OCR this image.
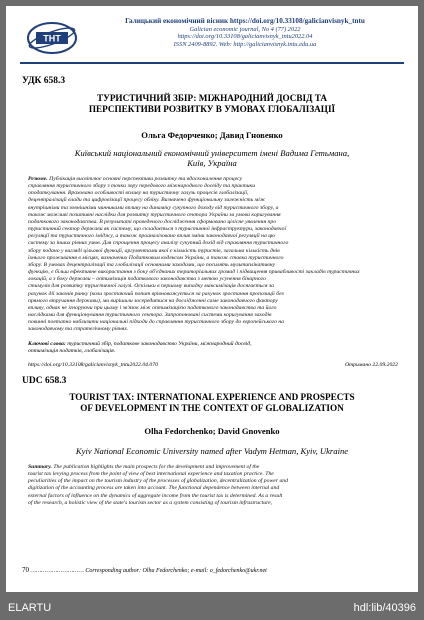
ТНТ
Галицький економічний вісник https://doi.org/10.33108/galicianvisnyk_tntu
Galician economic journal, No 4 (77) 2022
https://doi.org/10.33108/galicianvisnyk_tntu2022.04
ISSN 2409-8892. Web: http://galicianvisnyk.tntu.edu.ua
УДК 658.3
ТУРИСТИЧНИЙ ЗБІР: МІЖНАРОДНИЙ ДОСВІД ТА
ПЕРСПЕКТИВИ РОЗВИТКУ В УМОВАХ ГЛОБАЛІЗАЦІЇ
Ольга Федорченко; Давид Гновенко
Київський національний економічний університет імені Вадима Гетьмана,
Київ, Україна
Резюме. Публікація висвітлює основні перспективи розвитку та вдосконалення процесу
справляння туристичного збору з точки зору передового міжнародного досвіду та практики
оподаткування. Враховано особливості впливу на туристичну галузь процесів глобалізації,
децентралізації влади та цифровізації процесу обліку. Визначено функціональну залежність між
внутрішніми та зовнішніми чинниками впливу на динаміку сукупного доходу від туристичного збору, а
також можливі позитивні наслідки для розвитку туристичного сектора України за умови коригування
податкового законодавства. В результаті проведеного дослідження сформовано цілісне уявлення про
туристичний сектор держави як систему, що складається з туристичної інфраструктури, законодавчої
регуляції та туристичного іміджу, а також проаналізовано вплив зміни законодавчої регуляції на цю
систему за інших рівних умов. Для спрощення процесу аналізу сукупний дохід від справляння туристичного
збору подано у вигляді цільової функції, аргументами якої є кількість туристів, загальна кількість днів
їхнього проживання в місцях, визначених Податковим кодексом України, а також ставка туристичного
збору. В умовах децентралізації та глобалізації основними заходами, що посилять мультиплікативну
функцію, є більш ефективне використання з боку об'єднаних територіальних громад і підвищення привабливості закладів туристичних
локацій, а з боку держави – оптимізація податкового законодавства з метою усунення бінарного
стимулів для розвитку туристичної галузі. Оскільки в першому випадку максимізація досягається за
рахунок дії законів ринку (коли зростаючий попит врівноважується за рахунок зростання пропозиції без
прямого втручання держави), ми вирішили зосередитися на дослідженні саме законодавчого фактору
впливу, однак не ігноруючи при цьому і зв'язок між оптимізацією податкового законодавства та його
наслідками для функціонування туристичного сектора. Запропоновані системи коригування заходів
повинні поетапно наблизити національні підходи до справляння туристичного збору до європейського на
законодавчому та стратегічному рівнях.
Ключові слова: туристичний збір, податкове законодавство України, міжнародний досвід,
оптимізація податків, глобалізація.
https://doi.org/10.33108/galicianvisnyk_tntu2022.04.070	Отримано 22.09.2022
UDC 658.3
TOURIST TAX: INTERNATIONAL EXPERIENCE AND PROSPECTS
OF DEVELOPMENT IN THE CONTEXT OF GLOBALIZATION
Olha Fedorchenko; David Gnovenko
Kyiv National Economic University named after Vadym Hetman, Kyiv, Ukraine
Summary. The publication highlights the main prospects for the development and improvement of the
tourist tax levying process from the point of view of best international experience and taxation practice. The
peculiarities of the impact on the tourism industry of the processes of globalization, decentralization of power and
digitization of the accounting process are taken into account. The functional dependence between internal and
external factors of influence on the dynamics of aggregate income from the tourist tax is determined. As a result
of the research, a holistic view of the state's tourism sector as a system consisting of tourism infrastructure,
70 ………………………… Corresponding author: Olha Fedorchenko; e-mail: o_fedorchenko@ukr.net
ELARTU	hdl:lib/40396
